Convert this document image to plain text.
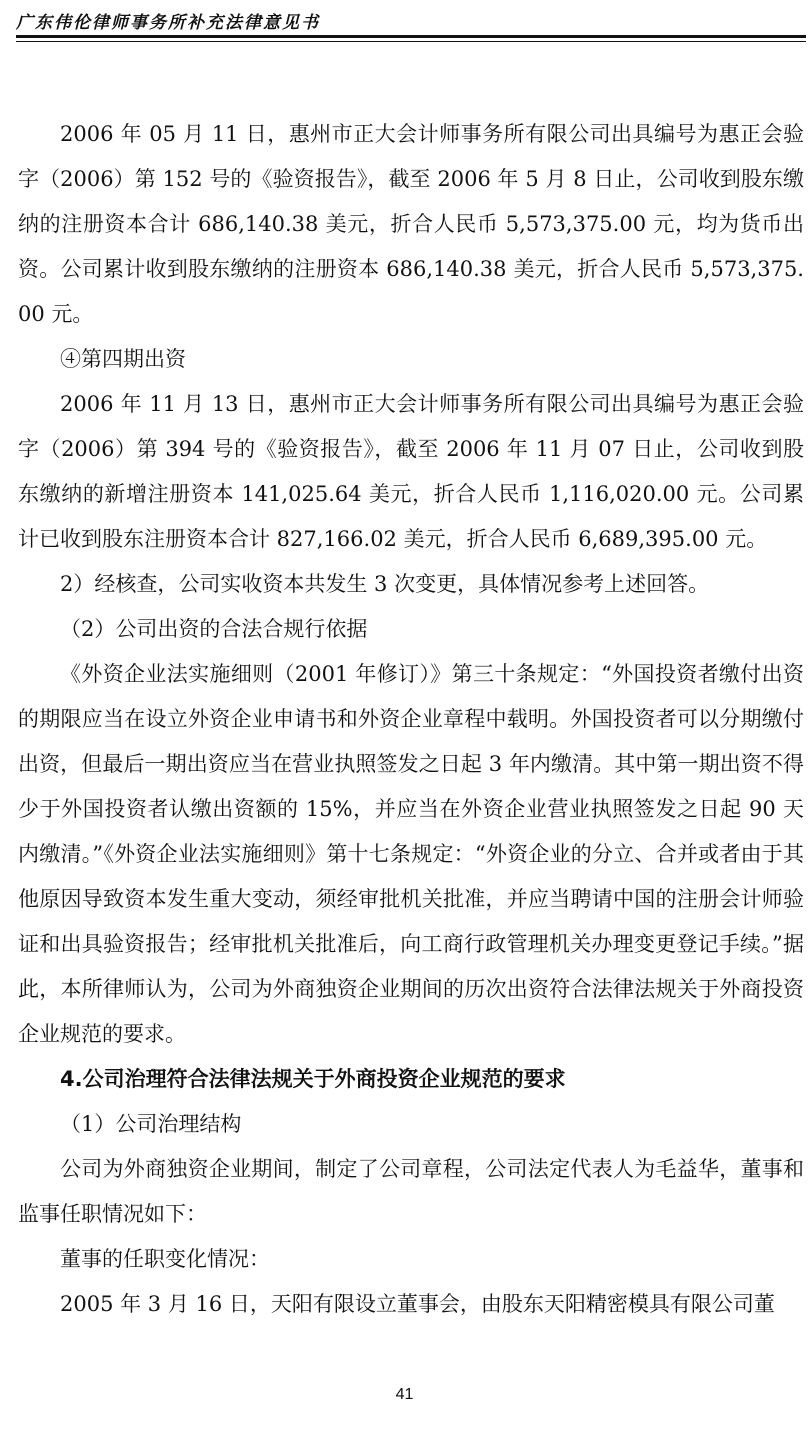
广东伟伦律师事务所补充法律意见书

2006 年 05 月 11 日，惠州市正大会计师事务所有限公司出具编号为惠正会验字（2006）第 152 号的《验资报告》，截至 2006 年 5 月 8 日止，公司收到股东缴纳的注册资本合计 686,140.38 美元，折合人民币 5,573,375.00 元，均为货币出资。公司累计收到股东缴纳的注册资本 686,140.38 美元，折合人民币 5,573,375.00 元。

④第四期出资

2006 年 11 月 13 日，惠州市正大会计师事务所有限公司出具编号为惠正会验字（2006）第 394 号的《验资报告》，截至 2006 年 11 月 07 日止，公司收到股东缴纳的新增注册资本 141,025.64 美元，折合人民币 1,116,020.00 元。公司累计已收到股东注册资本合计 827,166.02 美元，折合人民币 6,689,395.00 元。

2）经核查，公司实收资本共发生 3 次变更，具体情况参考上述回答。

（2）公司出资的合法合规行依据

《外资企业法实施细则（2001 年修订）》第三十条规定：“外国投资者缴付出资的期限应当在设立外资企业申请书和外资企业章程中载明。外国投资者可以分期缴付出资，但最后一期出资应当在营业执照签发之日起 3 年内缴清。其中第一期出资不得少于外国投资者认缴出资额的 15%，并应当在外资企业营业执照签发之日起 90 天内缴清。”《外资企业法实施细则》第十七条规定：“外资企业的分立、合并或者由于其他原因导致资本发生重大变动，须经审批机关批准，并应当聘请中国的注册会计师验证和出具验资报告；经审批机关批准后，向工商行政管理机关办理变更登记手续。”据此，本所律师认为，公司为外商独资企业期间的历次出资符合法律法规关于外商投资企业规范的要求。

4.公司治理符合法律法规关于外商投资企业规范的要求

（1）公司治理结构

公司为外商独资企业期间，制定了公司章程，公司法定代表人为毛益华，董事和监事任职情况如下：

董事的任职变化情况：

2005 年 3 月 16 日，天阳有限设立董事会，由股东天阳精密模具有限公司董

41
